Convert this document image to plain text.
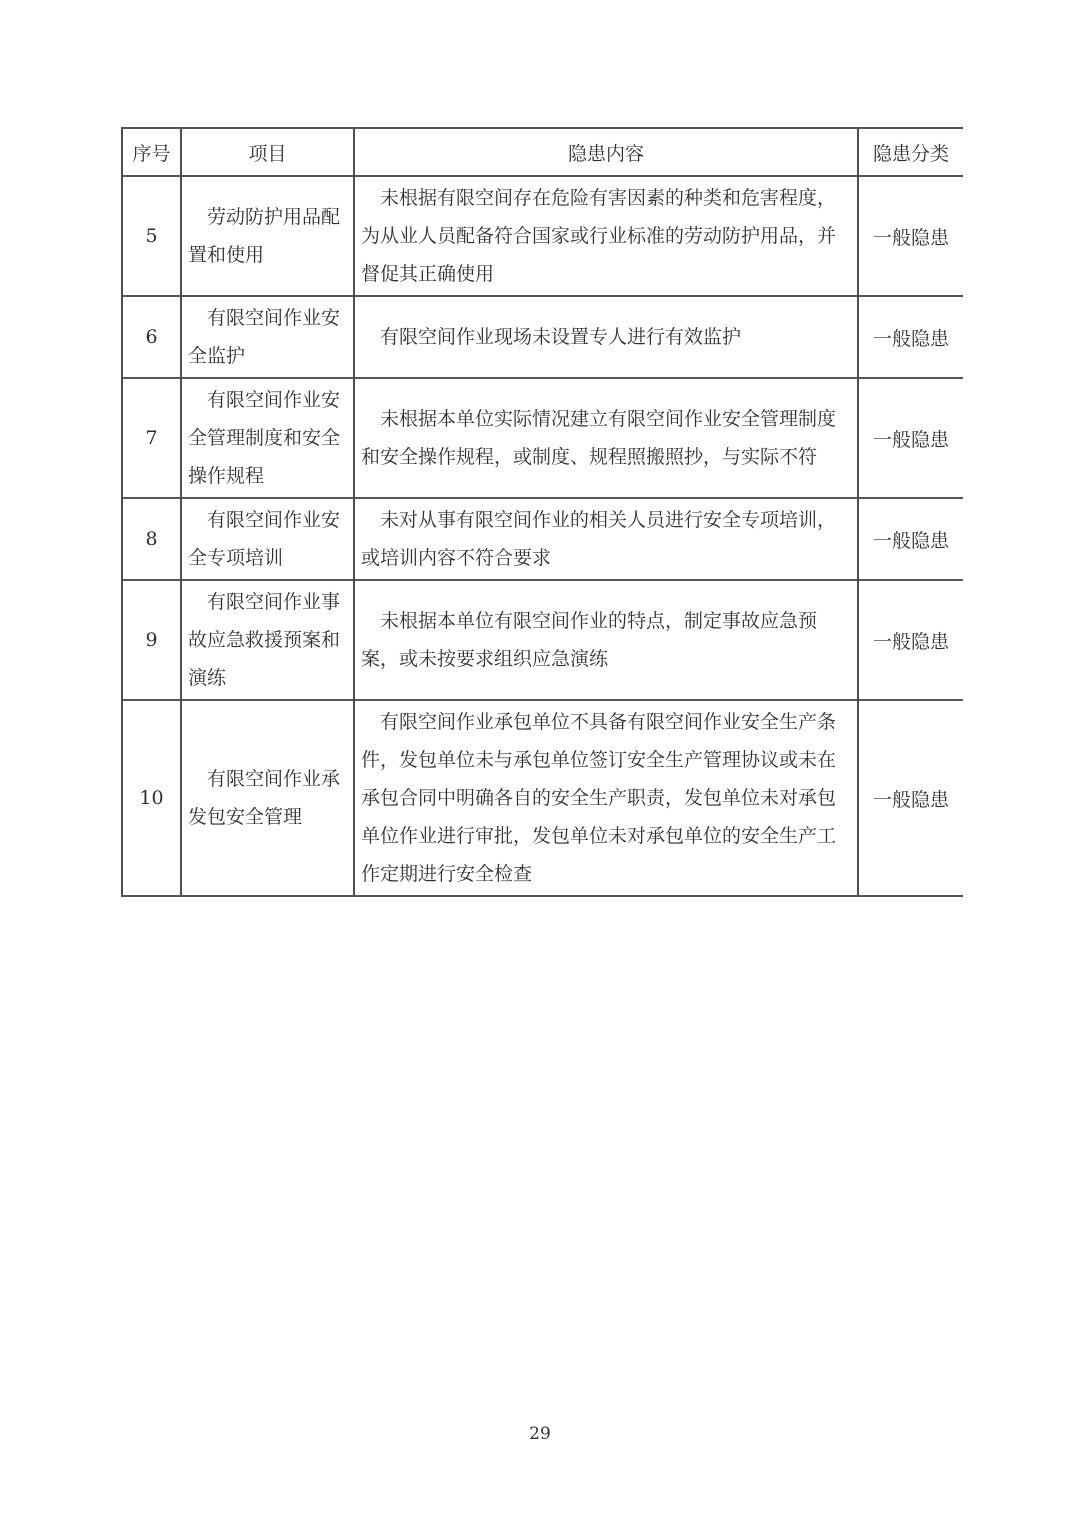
序号	项目	隐患内容	隐患分类
5	劳动防护用品配置和使用	未根据有限空间存在危险有害因素的种类和危害程度，为从业人员配备符合国家或行业标准的劳动防护用品，并督促其正确使用	一般隐患
6	有限空间作业安全监护	有限空间作业现场未设置专人进行有效监护	一般隐患
7	有限空间作业安全管理制度和安全操作规程	未根据本单位实际情况建立有限空间作业安全管理制度和安全操作规程，或制度、规程照搬照抄，与实际不符	一般隐患
8	有限空间作业安全专项培训	未对从事有限空间作业的相关人员进行安全专项培训，或培训内容不符合要求	一般隐患
9	有限空间作业事故应急救援预案和演练	未根据本单位有限空间作业的特点，制定事故应急预案，或未按要求组织应急演练	一般隐患
10	有限空间作业承发包安全管理	有限空间作业承包单位不具备有限空间作业安全生产条件，发包单位未与承包单位签订安全生产管理协议或未在承包合同中明确各自的安全生产职责，发包单位未对承包单位作业进行审批，发包单位未对承包单位的安全生产工作定期进行安全检查	一般隐患
29
